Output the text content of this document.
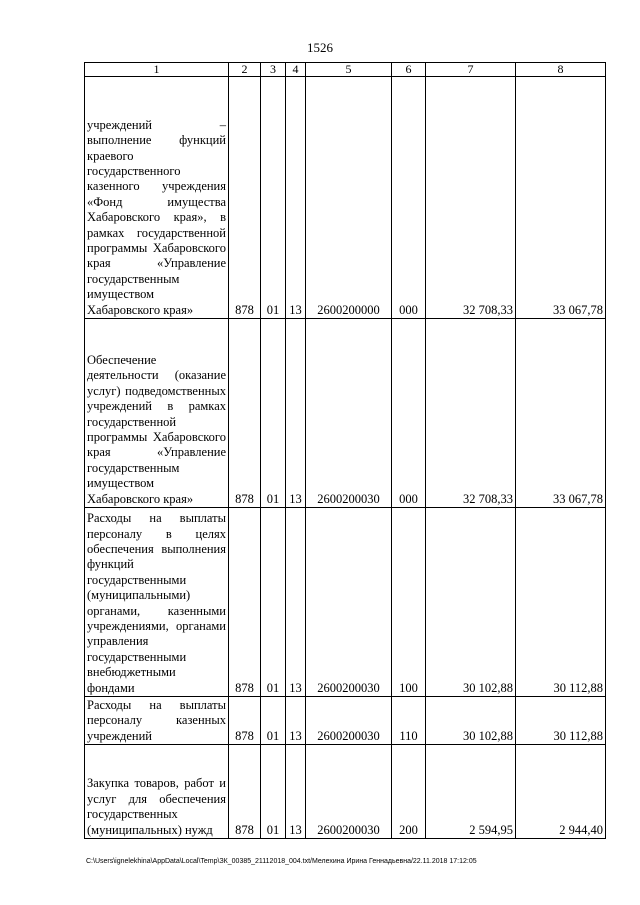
1526
1	2	3	4	5	6	7	8
учреждений – выполнение функций краевого государственного казенного учреждения «Фонд имущества Хабаровского края», в рамках государственной программы Хабаровского края «Управление государственным имуществом Хабаровского края»	878	01	13	2600200000	000	32 708,33	33 067,78
Обеспечение деятельности (оказание услуг) подведомственных учреждений в рамках государственной программы Хабаровского края «Управление государственным имуществом Хабаровского края»	878	01	13	2600200030	000	32 708,33	33 067,78
Расходы на выплаты персоналу в целях обеспечения выполнения функций государственными (муниципальными) органами, казенными учреждениями, органами управления государственными внебюджетными фондами	878	01	13	2600200030	100	30 102,88	30 112,88
Расходы на выплаты персоналу казенных учреждений	878	01	13	2600200030	110	30 102,88	30 112,88
Закупка товаров, работ и услуг для обеспечения государственных (муниципальных) нужд	878	01	13	2600200030	200	2 594,95	2 944,40
C:\Users\ignelekhina\AppData\Local\Temp\ЗК_00385_21112018_004.txt/Мелехина Ирина Геннадьевна/22.11.2018 17:12:05
